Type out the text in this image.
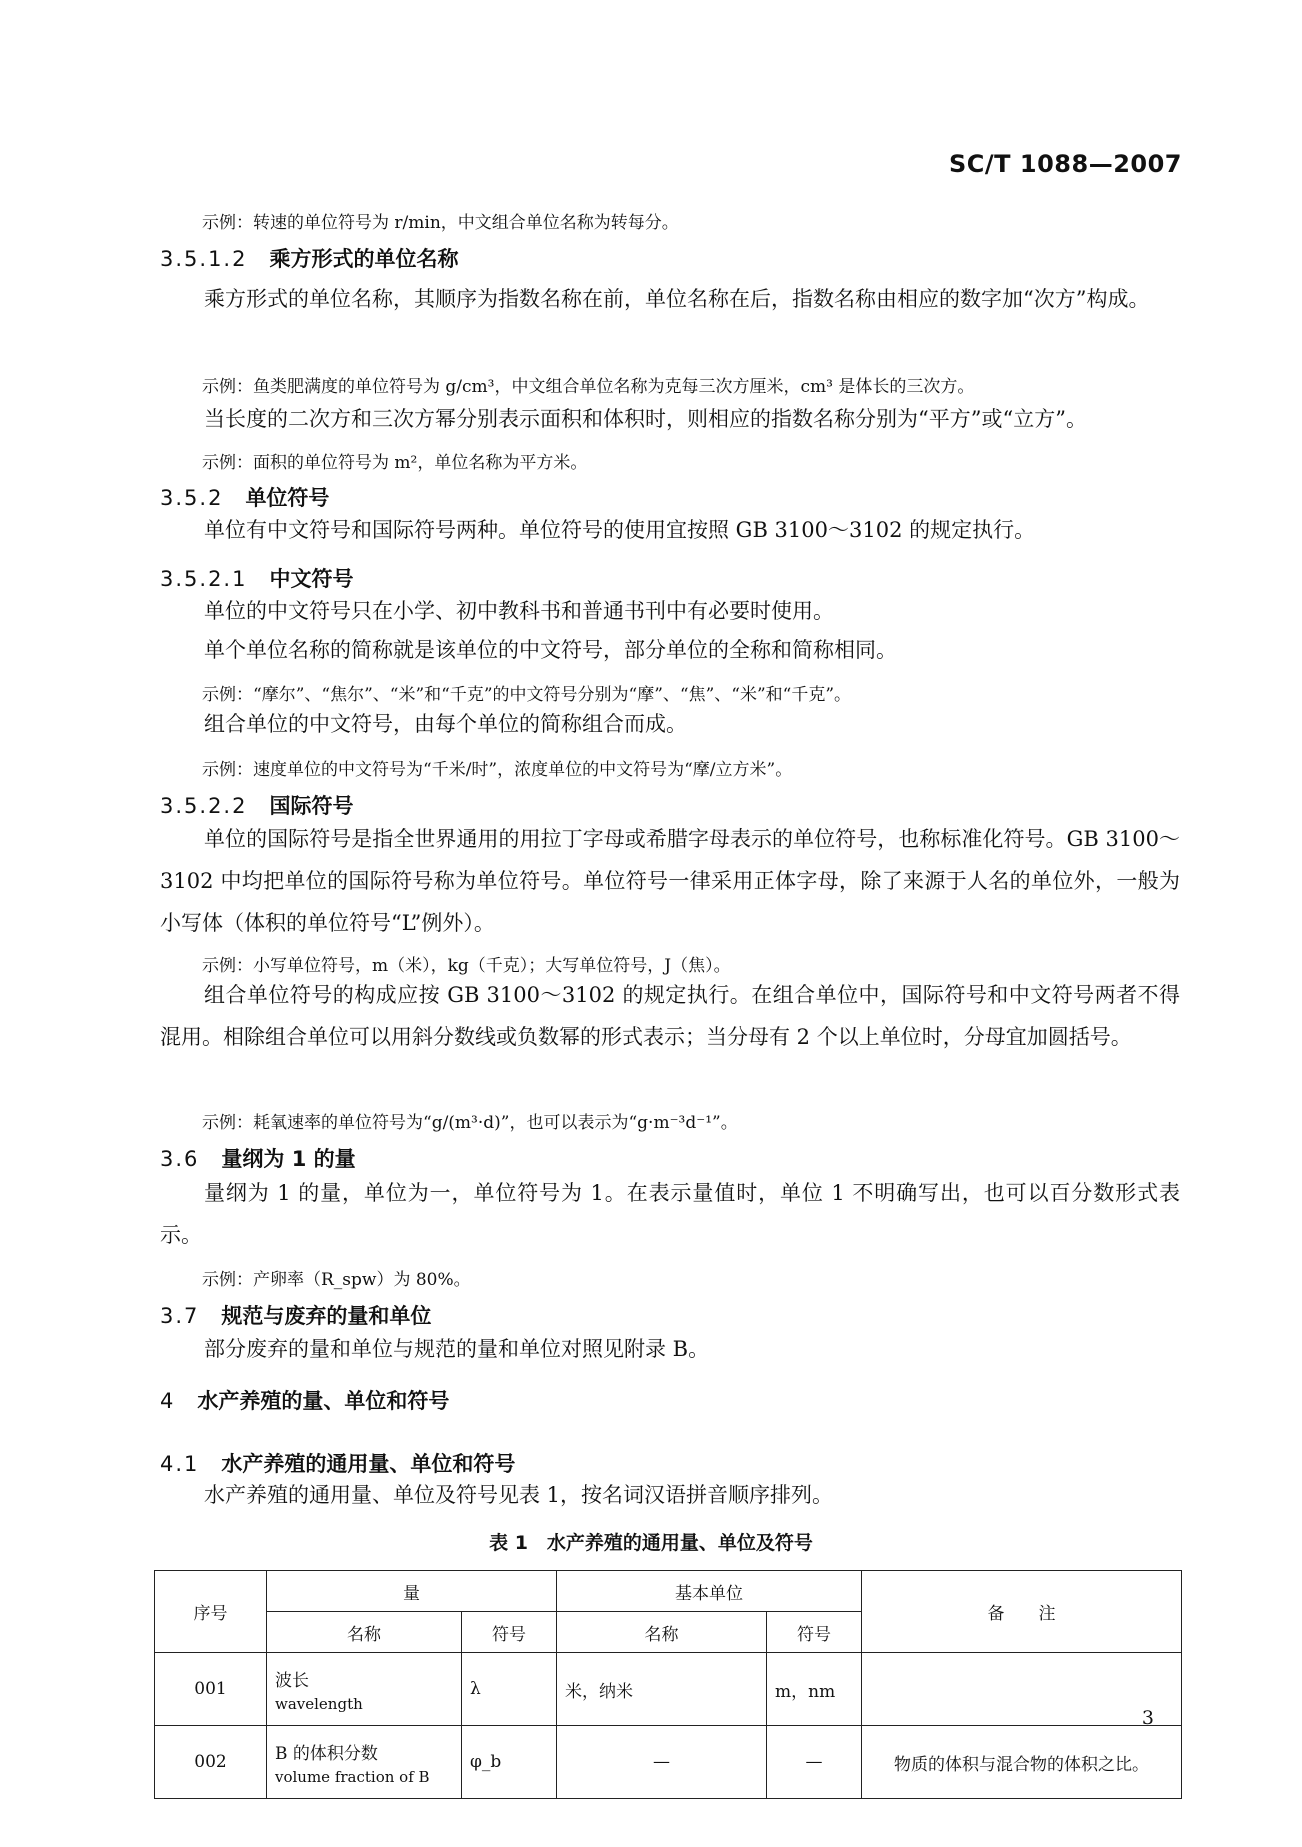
SC/T 1088—2007
示例：转速的单位符号为 r/min，中文组合单位名称为转每分。
3.5.1.2 乘方形式的单位名称
乘方形式的单位名称，其顺序为指数名称在前，单位名称在后，指数名称由相应的数字加“次方”构成。
示例：鱼类肥满度的单位符号为 g/cm³，中文组合单位名称为克每三次方厘米，cm³ 是体长的三次方。
当长度的二次方和三次方幂分别表示面积和体积时，则相应的指数名称分别为“平方”或“立方”。
示例：面积的单位符号为 m²，单位名称为平方米。
3.5.2 单位符号
单位有中文符号和国际符号两种。单位符号的使用宜按照 GB 3100～3102 的规定执行。
3.5.2.1 中文符号
单位的中文符号只在小学、初中教科书和普通书刊中有必要时使用。
单个单位名称的简称就是该单位的中文符号，部分单位的全称和简称相同。
示例：“摩尔”、“焦尔”、“米”和“千克”的中文符号分别为“摩”、“焦”、“米”和“千克”。
组合单位的中文符号，由每个单位的简称组合而成。
示例：速度单位的中文符号为“千米/时”，浓度单位的中文符号为“摩/立方米”。
3.5.2.2 国际符号
单位的国际符号是指全世界通用的用拉丁字母或希腊字母表示的单位符号，也称标准化符号。GB 3100～3102 中均把单位的国际符号称为单位符号。单位符号一律采用正体字母，除了来源于人名的单位外，一般为小写体（体积的单位符号“L”例外）。
示例：小写单位符号，m（米），kg（千克）；大写单位符号，J（焦）。
组合单位符号的构成应按 GB 3100～3102 的规定执行。在组合单位中，国际符号和中文符号两者不得混用。相除组合单位可以用斜分数线或负数幂的形式表示；当分母有 2 个以上单位时，分母宜加圆括号。
示例：耗氧速率的单位符号为“g/(m³·d)”，也可以表示为“g·m⁻³d⁻¹”。
3.6 量纲为 1 的量
量纲为 1 的量，单位为一，单位符号为 1。在表示量值时，单位 1 不明确写出，也可以百分数形式表示。
示例：产卵率（R_spw）为 80%。
3.7 规范与废弃的量和单位
部分废弃的量和单位与规范的量和单位对照见附录 B。
4 水产养殖的量、单位和符号
4.1 水产养殖的通用量、单位和符号
水产养殖的通用量、单位及符号见表 1，按名词汉语拼音顺序排列。
表 1　水产养殖的通用量、单位及符号
序号	量		基本单位		备　　注
	名称	符号	名称	符号	
001	波长
wavelength	λ	米，纳米	m，nm	
002	B 的体积分数
volume fraction of B	φ_b	—	—	物质的体积与混合物的体积之比。
3
